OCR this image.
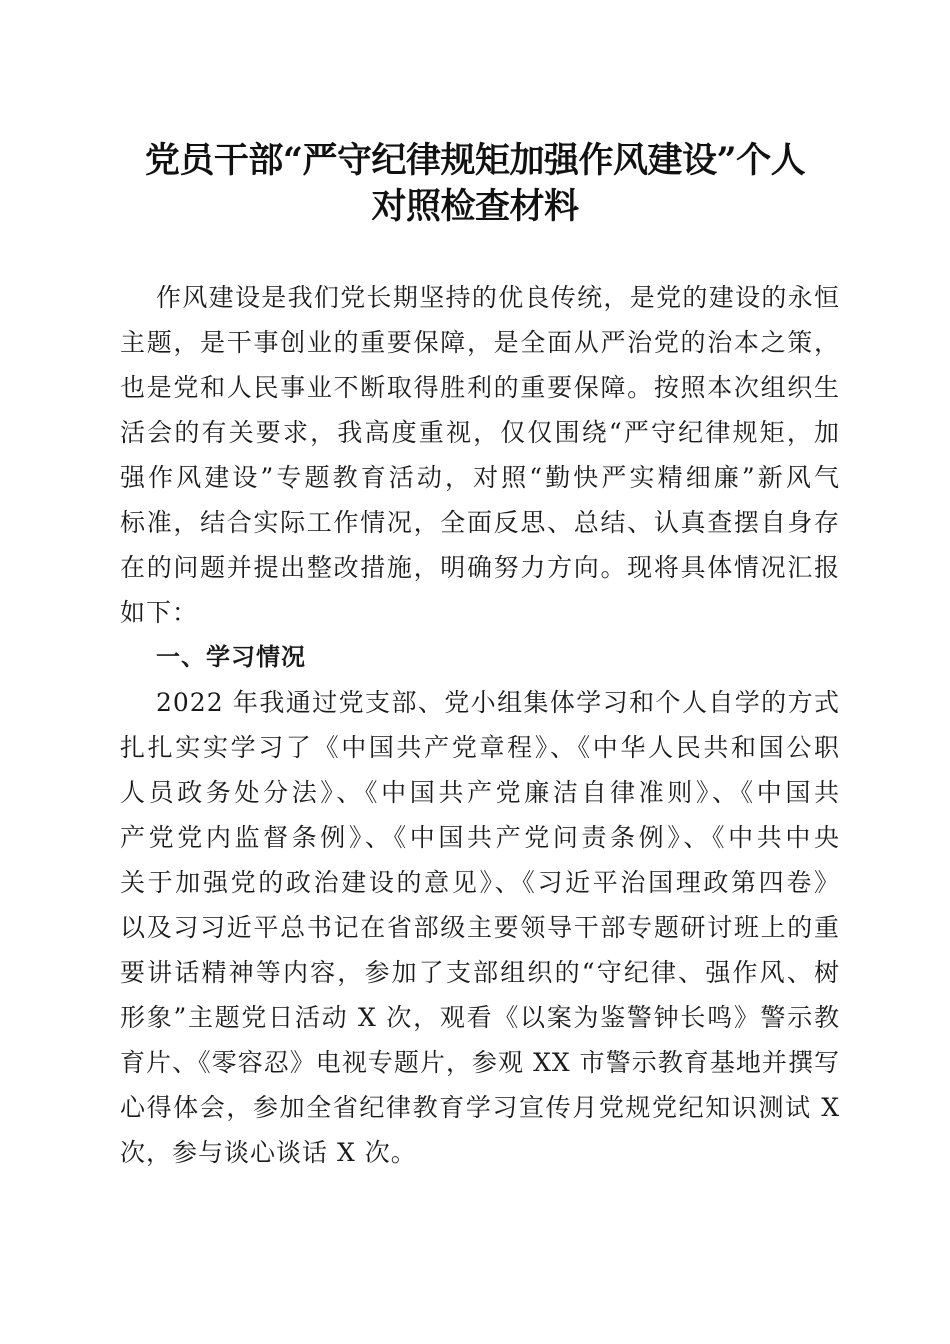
党员干部“严守纪律规矩加强作风建设”个人
对照检查材料
作风建设是我们党长期坚持的优良传统，是党的建设的永恒
主题，是干事创业的重要保障，是全面从严治党的治本之策，
也是党和人民事业不断取得胜利的重要保障。按照本次组织生
活会的有关要求，我高度重视，仅仅围绕“严守纪律规矩，加
强作风建设”专题教育活动，对照“勤快严实精细廉”新风气
标准，结合实际工作情况，全面反思、总结、认真查摆自身存
在的问题并提出整改措施，明确努力方向。现将具体情况汇报
如下：
一、学习情况
2022 年我通过党支部、党小组集体学习和个人自学的方式
扎扎实实学习了《中国共产党章程》、《中华人民共和国公职
人员政务处分法》、《中国共产党廉洁自律准则》、《中国共
产党党内监督条例》、《中国共产党问责条例》、《中共中央
关于加强党的政治建设的意见》、《习近平治国理政第四卷》
以及习习近平总书记在省部级主要领导干部专题研讨班上的重
要讲话精神等内容，参加了支部组织的“守纪律、强作风、树
形象”主题党日活动 X 次，观看《以案为鉴警钟长鸣》警示教
育片、《零容忍》电视专题片，参观 XX 市警示教育基地并撰写
心得体会，参加全省纪律教育学习宣传月党规党纪知识测试 X
次，参与谈心谈话 X 次。
